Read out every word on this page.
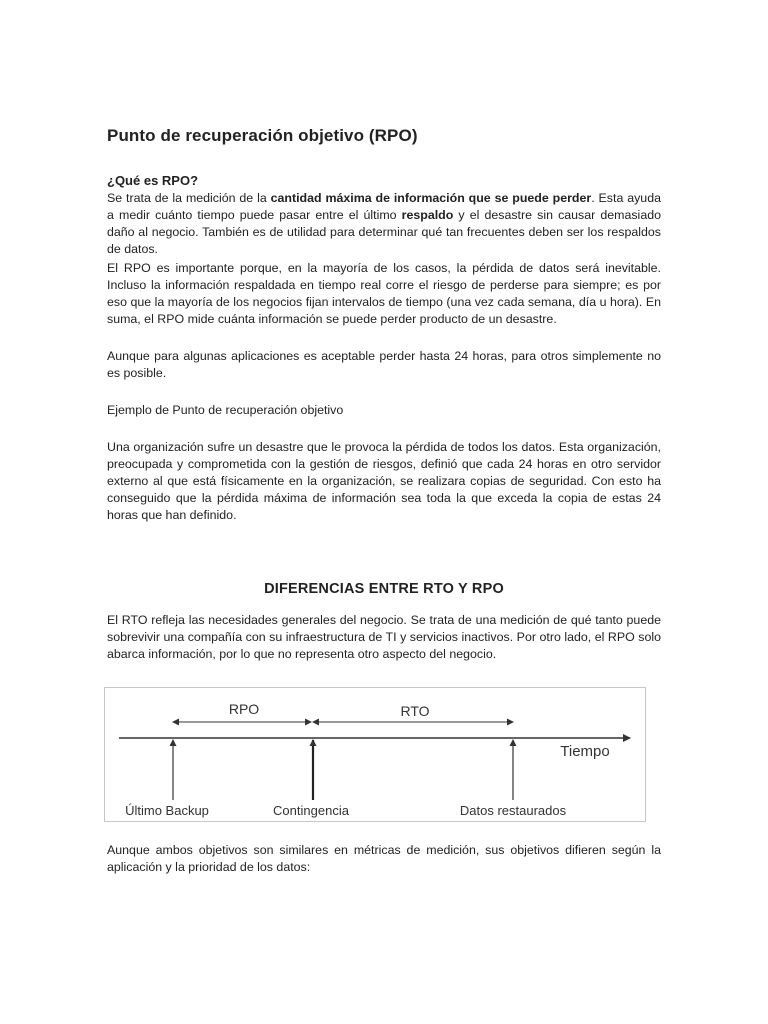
Punto de recuperación objetivo (RPO)
¿Qué es RPO?
Se trata de la medición de la cantidad máxima de información que se puede perder. Esta ayuda a medir cuánto tiempo puede pasar entre el último respaldo y el desastre sin causar demasiado daño al negocio. También es de utilidad para determinar qué tan frecuentes deben ser los respaldos de datos.
El RPO es importante porque, en la mayoría de los casos, la pérdida de datos será inevitable. Incluso la información respaldada en tiempo real corre el riesgo de perderse para siempre; es por eso que la mayoría de los negocios fijan intervalos de tiempo (una vez cada semana, día u hora). En suma, el RPO mide cuánta información se puede perder producto de un desastre.
Aunque para algunas aplicaciones es aceptable perder hasta 24 horas, para otros simplemente no es posible.
Ejemplo de Punto de recuperación objetivo
Una organización sufre un desastre que le provoca la pérdida de todos los datos. Esta organización, preocupada y comprometida con la gestión de riesgos, definió que cada 24 horas en otro servidor externo al que está físicamente en la organización, se realizara copias de seguridad. Con esto ha conseguido que la pérdida máxima de información sea toda la que exceda la copia de estas 24 horas que han definido.
DIFERENCIAS ENTRE RTO Y RPO
El RTO refleja las necesidades generales del negocio. Se trata de una medición de qué tanto puede sobrevivir una compañía con su infraestructura de TI y servicios inactivos. Por otro lado, el RPO solo abarca información, por lo que no representa otro aspecto del negocio.
RPO	RTO
Tiempo
Último Backup	Contingencia	Datos restaurados
Aunque ambos objetivos son similares en métricas de medición, sus objetivos difieren según la aplicación y la prioridad de los datos:
